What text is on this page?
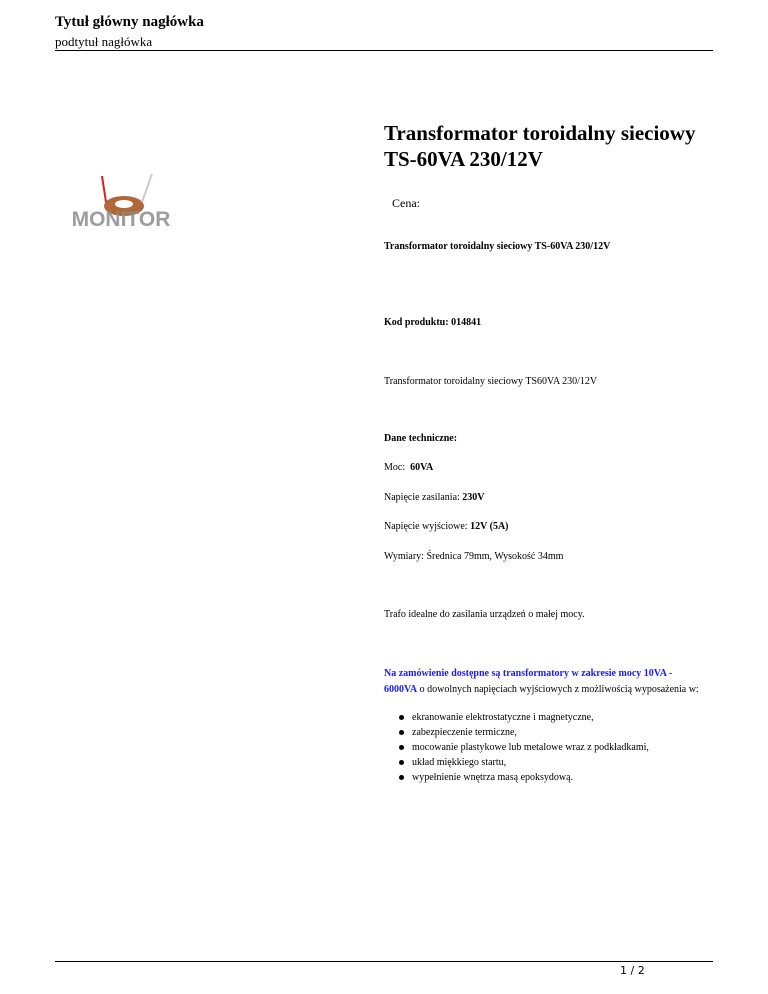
Tytuł główny nagłówka
podtytuł nagłówka
MONITOR
Transformator toroidalny sieciowy TS-60VA 230/12V
Cena:
Transformator toroidalny sieciowy TS-60VA 230/12V
Kod produktu: 014841
Transformator toroidalny sieciowy TS60VA 230/12V
Dane techniczne:
Moc:  60VA
Napięcie zasilania: 230V
Napięcie wyjściowe: 12V (5A)
Wymiary: Średnica 79mm, Wysokość 34mm
Trafo idealne do zasilania urządzeń o małej mocy.
Na zamówienie dostępne są transformatory w zakresie mocy 10VA - 6000VA o dowolnych napięciach wyjściowych z możliwością wyposażenia w:
ekranowanie elektrostatyczne i magnetyczne,
zabezpieczenie termiczne,
mocowanie plastykowe lub metalowe wraz z podkładkami,
układ miękkiego startu,
wypełnienie wnętrza masą epoksydową.
1 / 2
